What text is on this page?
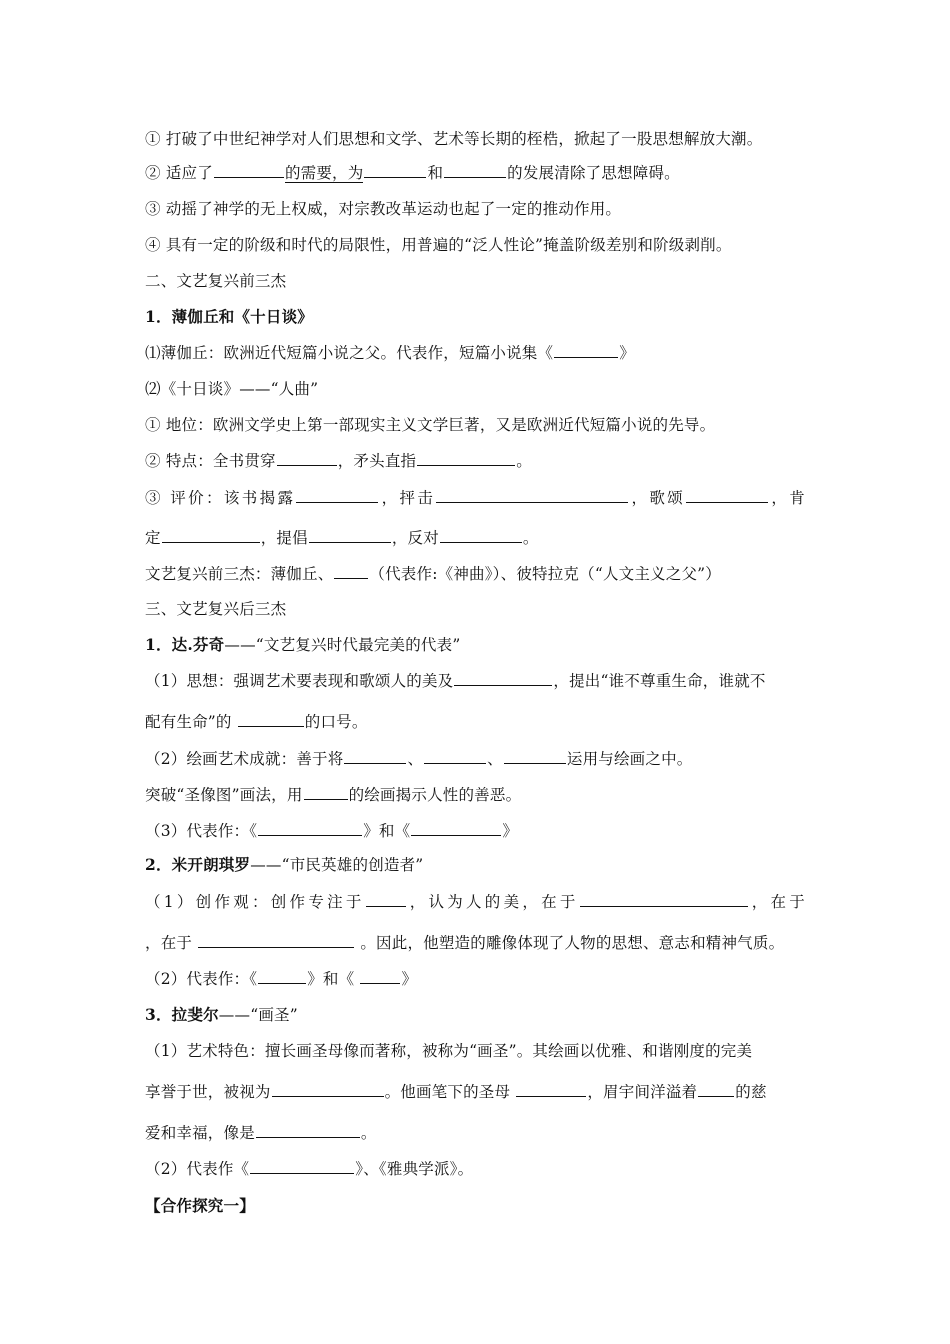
① 打破了中世纪神学对人们思想和文学、艺术等长期的桎梏，掀起了一股思想解放大潮。
② 适应了	的需要，为	和	的发展清除了思想障碍。
③ 动摇了神学的无上权威，对宗教改革运动也起了一定的推动作用。
④ 具有一定的阶级和时代的局限性，用普遍的“泛人性论”掩盖阶级差别和阶级剥削。
二、文艺复兴前三杰
1．薄伽丘和《十日谈》
⑴薄伽丘：欧洲近代短篇小说之父。代表作，短篇小说集《	》
⑵《十日谈》——“人曲”
① 地位：欧洲文学史上第一部现实主义文学巨著，又是欧洲近代短篇小说的先导。
② 特点：全书贯穿	，矛头直指	。
③ 评价：该书揭露	，抨击	，歌颂	，肯
定	，提倡	，反对	。
文艺复兴前三杰：薄伽丘、 （代表作:《神曲》）、彼特拉克（“人文主义之父”）
三、文艺复兴后三杰
1．达.芬奇——“文艺复兴时代最完美的代表”
（1）思想：强调艺术要表现和歌颂人的美及	，提出“谁不尊重生命，谁就不
配有生命”的	的口号。
（2）绘画艺术成就：善于将	、	、	运用与绘画之中。
突破“圣像图”画法，用	的绘画揭示人性的善恶。
（3）代表作：《	》和《	》
2．米开朗琪罗——“市民英雄的创造者”
（1）创作观：创作专注于	，认为人的美，在于	，在于
，在于	。因此，他塑造的雕像体现了人物的思想、意志和精神气质。
（2）代表作：《	》和《	》
3．拉斐尔——“画圣”
（1）艺术特色：擅长画圣母像而著称，被称为“画圣”。其绘画以优雅、和谐刚度的完美
享誉于世，被视为	。他画笔下的圣母	，眉宇间洋溢着 的慈
爱和幸福，像是	。
（2）代表作《	》、《雅典学派》。
【合作探究一】
